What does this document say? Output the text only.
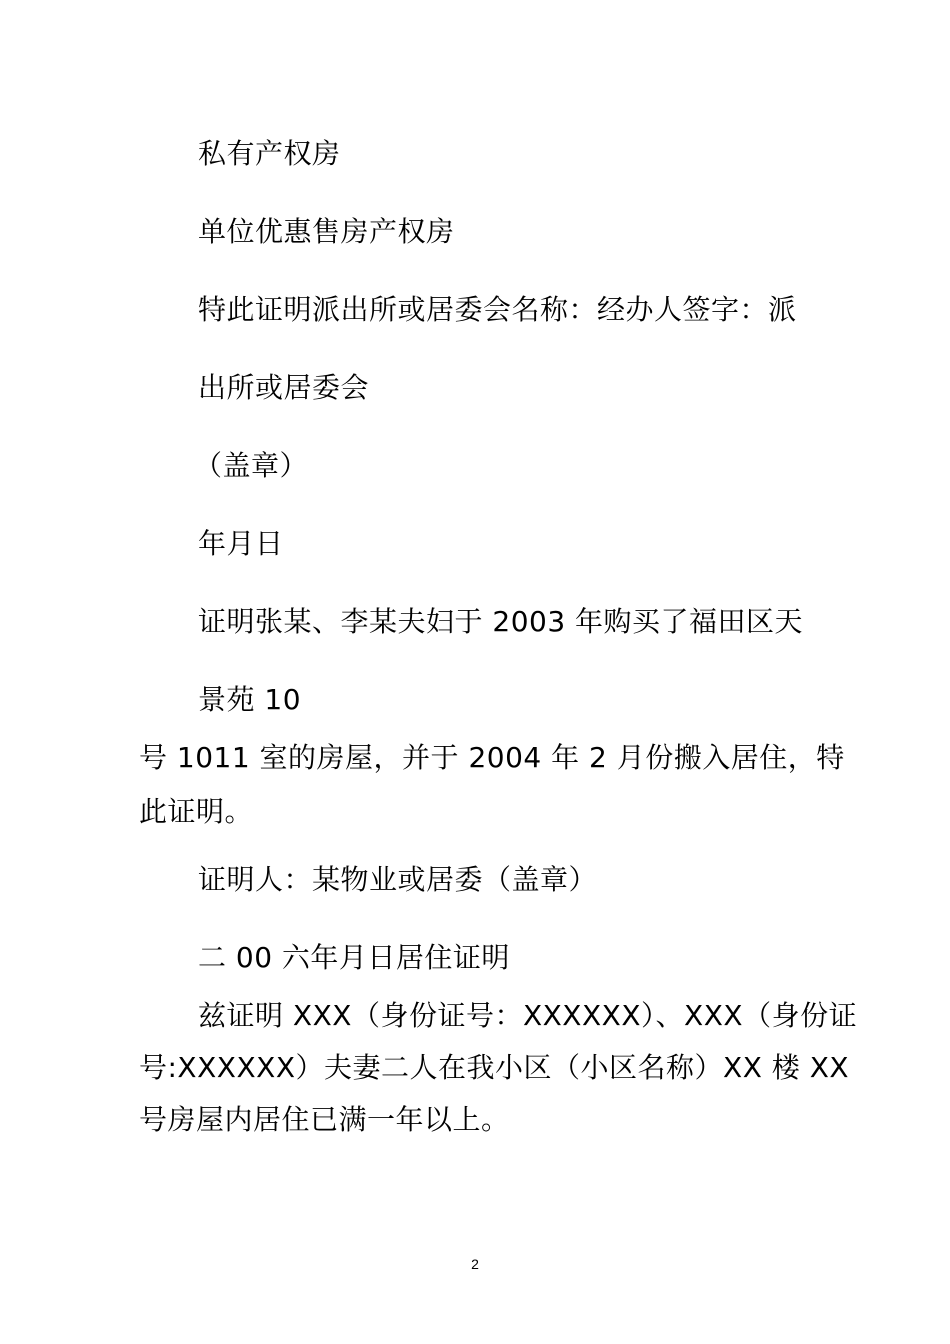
私有产权房
单位优惠售房产权房
特此证明派出所或居委会名称：经办人签字：派
出所或居委会
（盖章）
年月日
证明张某、李某夫妇于 2003 年购买了福田区天
景苑 10
号 1011 室的房屋，并于 2004 年 2 月份搬入居住，特
此证明。
证明人：某物业或居委（盖章）
二 00 六年月日居住证明
兹证明 XXX（身份证号：XXXXXX）、XXX（身份证
号:XXXXXX）夫妻二人在我小区（小区名称）XX 楼 XX
号房屋内居住已满一年以上。
2
